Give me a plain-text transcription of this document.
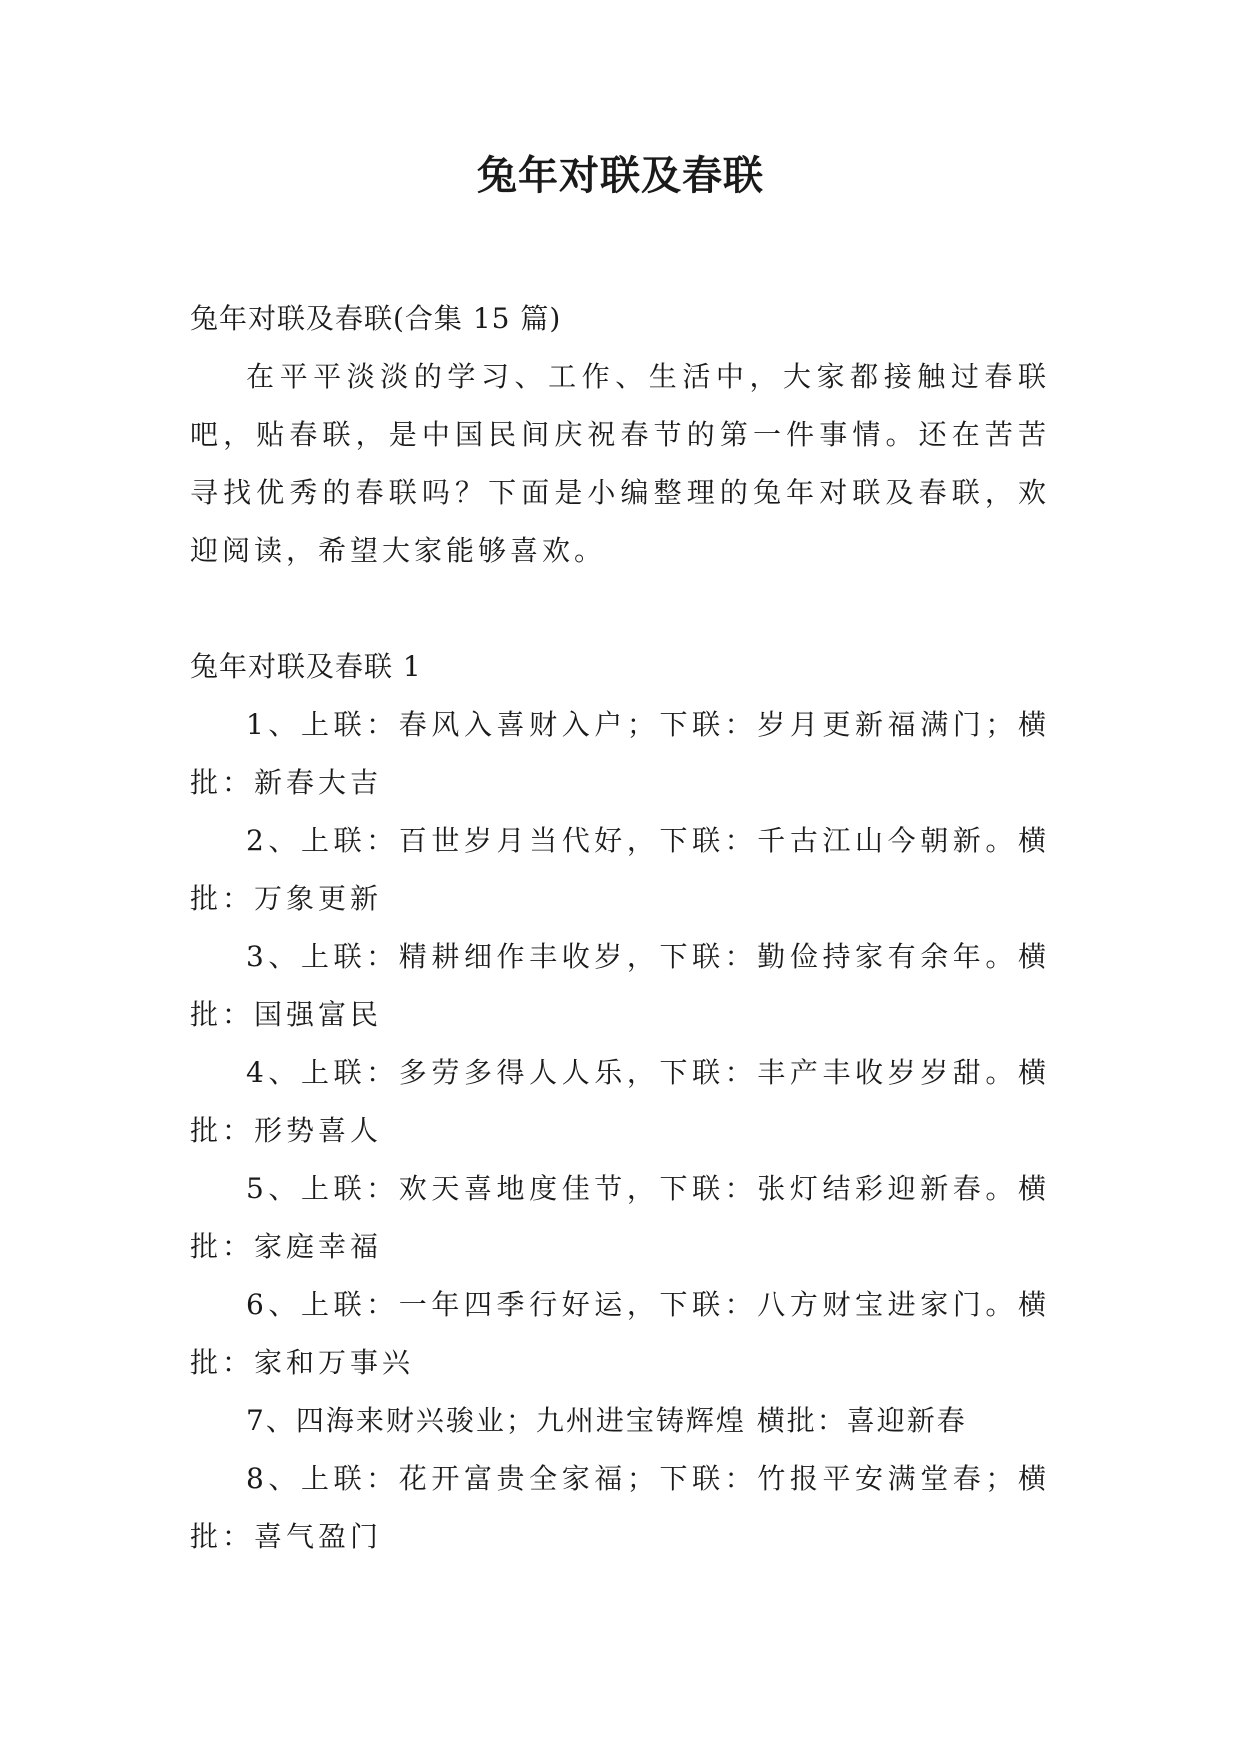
兔年对联及春联

兔年对联及春联(合集 15 篇)

在平平淡淡的学习、工作、生活中，大家都接触过春联吧，贴春联，是中国民间庆祝春节的第一件事情。还在苦苦寻找优秀的春联吗？下面是小编整理的兔年对联及春联，欢迎阅读，希望大家能够喜欢。

兔年对联及春联 1

1、上联：春风入喜财入户；下联：岁月更新福满门；横批：新春大吉

2、上联：百世岁月当代好，下联：千古江山今朝新。横批：万象更新

3、上联：精耕细作丰收岁，下联：勤俭持家有余年。横批：国强富民

4、上联：多劳多得人人乐，下联：丰产丰收岁岁甜。横批：形势喜人

5、上联：欢天喜地度佳节，下联：张灯结彩迎新春。横批：家庭幸福

6、上联：一年四季行好运，下联：八方财宝进家门。横批：家和万事兴

7、四海来财兴骏业；九州进宝铸辉煌 横批：喜迎新春

8、上联：花开富贵全家福；下联：竹报平安满堂春；横批：喜气盈门
